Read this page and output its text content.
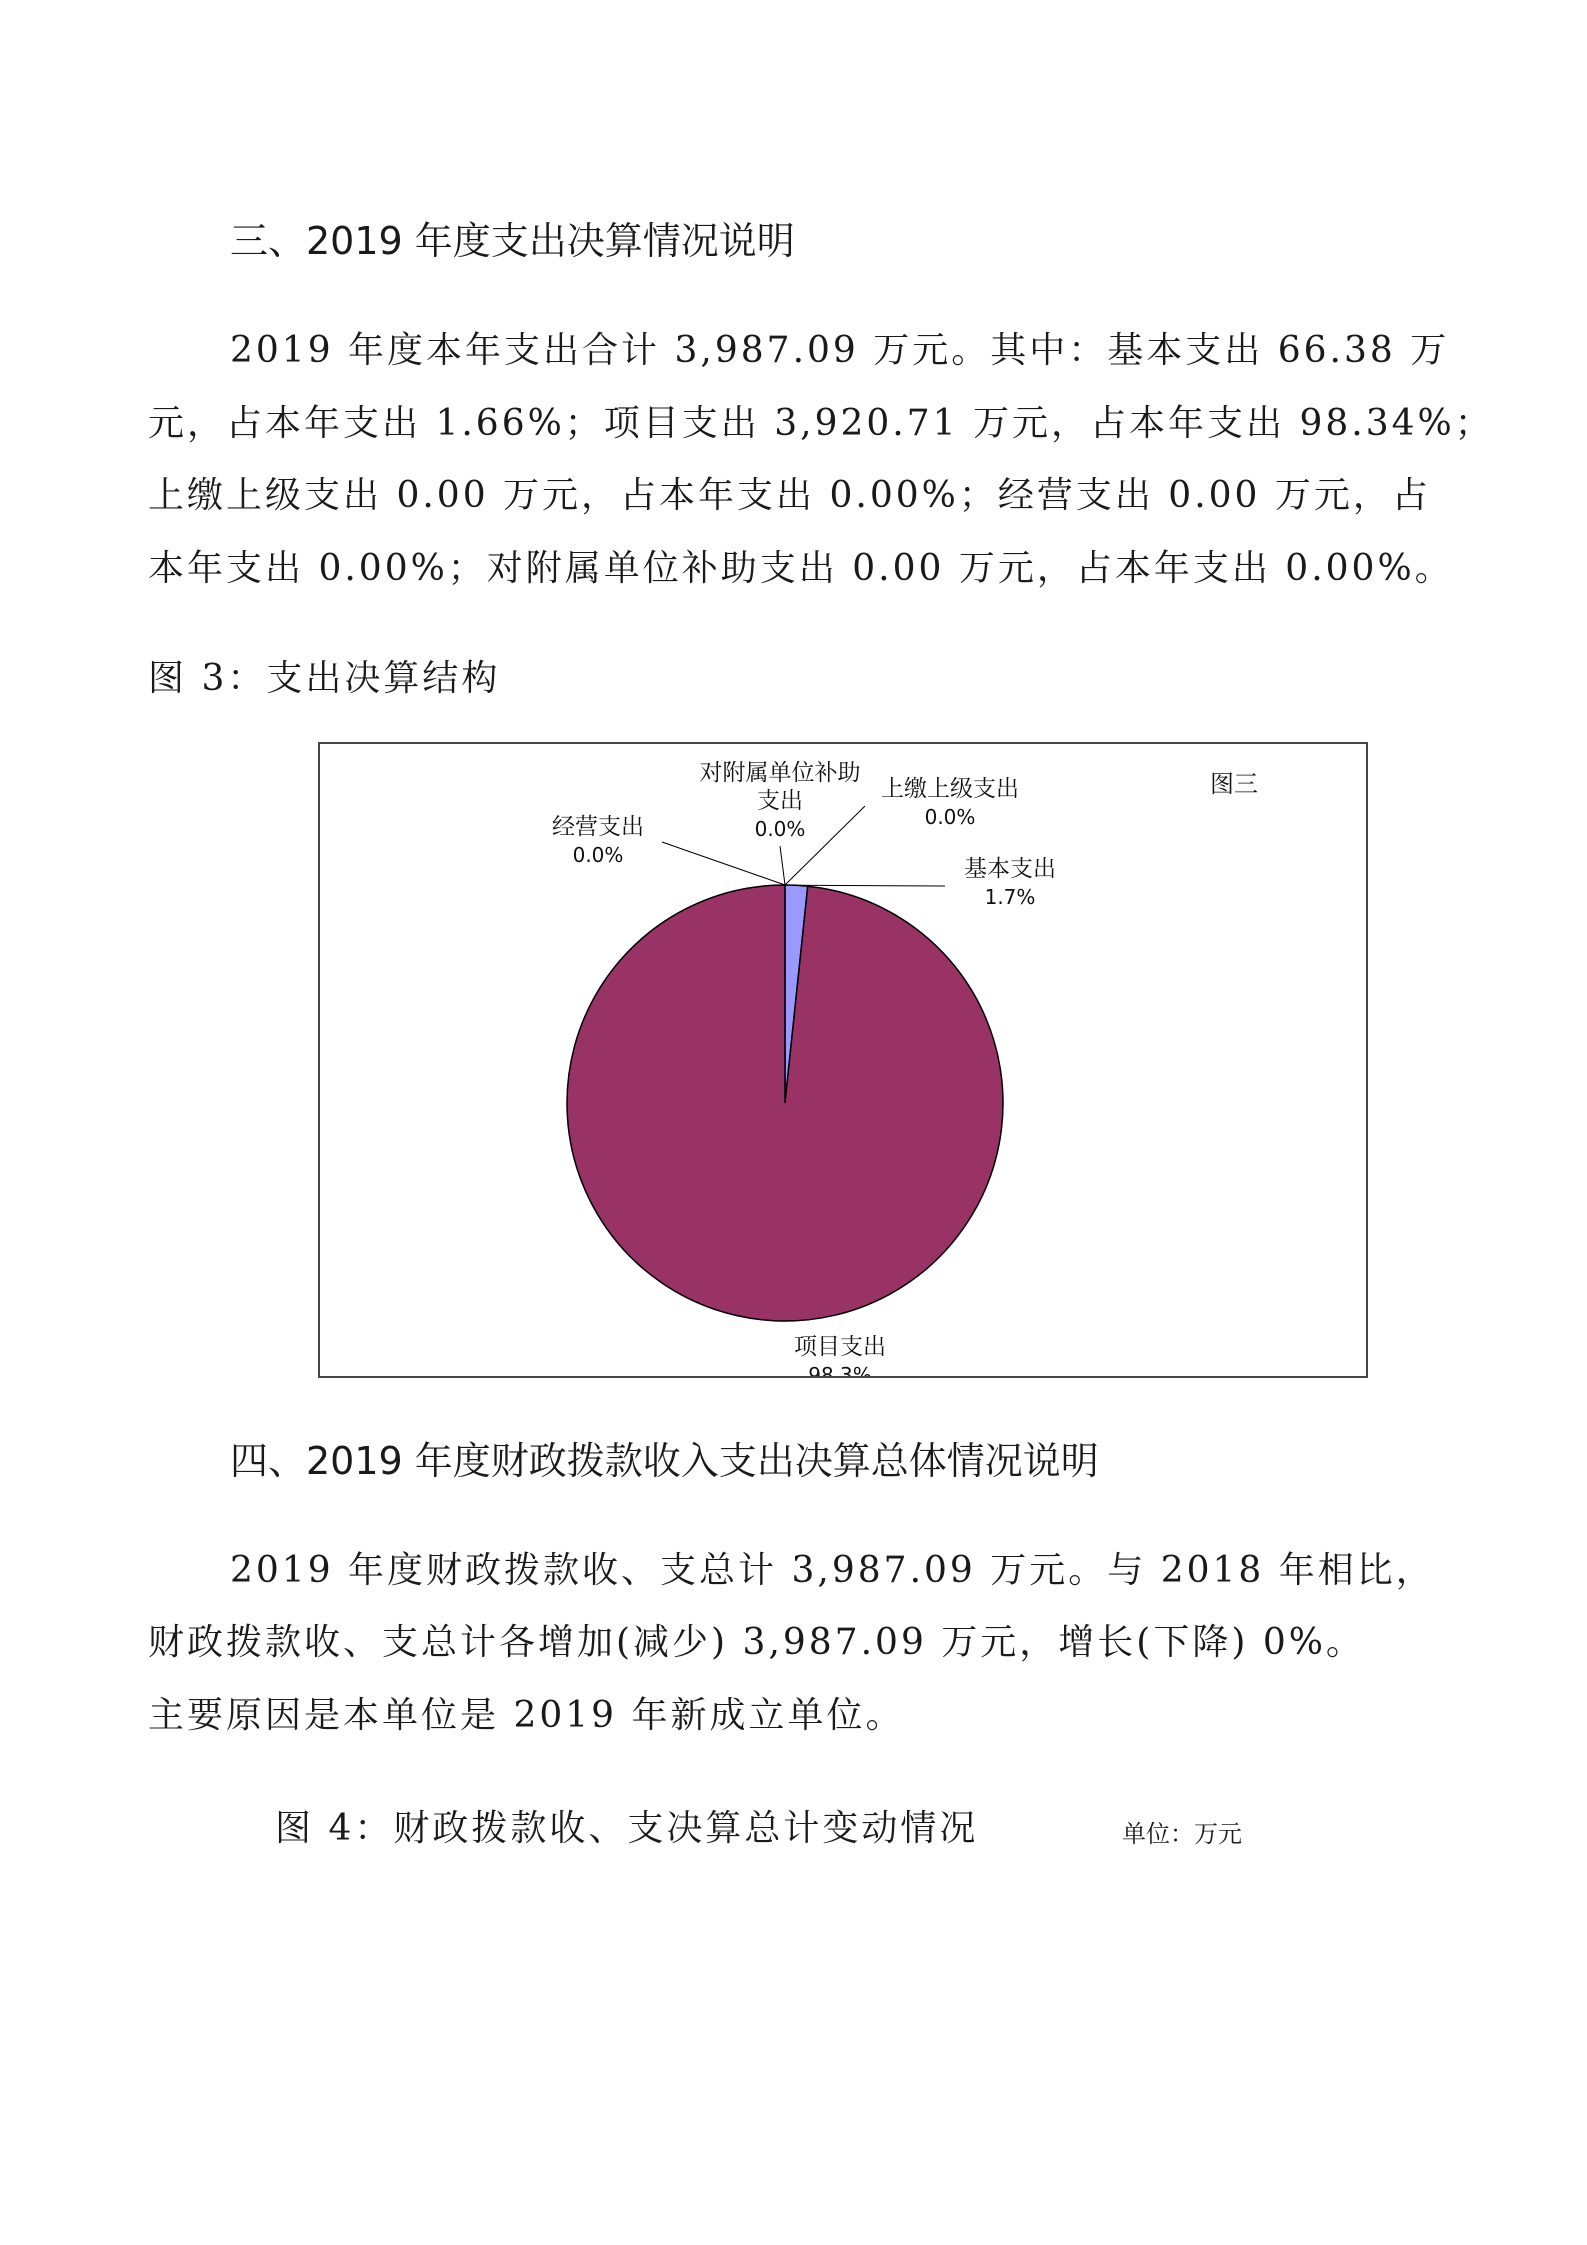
三、2019 年度支出决算情况说明
2019 年度本年支出合计 3,987.09 万元。其中：基本支出 66.38 万
元，占本年支出 1.66%；项目支出 3,920.71 万元，占本年支出 98.34%；
上缴上级支出 0.00 万元，占本年支出 0.00%；经营支出 0.00 万元，占
本年支出 0.00%；对附属单位补助支出 0.00 万元，占本年支出 0.00%。
图 3：支出决算结构
基本支出
1.7%
项目支出
98.3%
经营支出
0.0%
对附属单位补助
支出
0.0%
上缴上级支出
0.0%
图三
四、2019 年度财政拨款收入支出决算总体情况说明
2019 年度财政拨款收、支总计 3,987.09 万元。与 2018 年相比，
财政拨款收、支总计各增加(减少) 3,987.09 万元，增长(下降) 0%。
主要原因是本单位是 2019 年新成立单位。
图 4：财政拨款收、支决算总计变动情况	单位：万元
